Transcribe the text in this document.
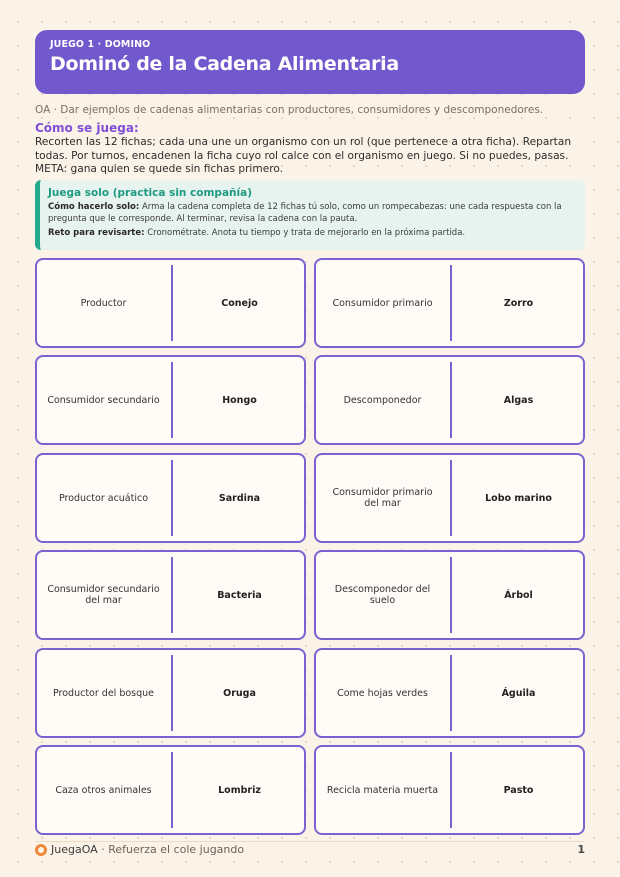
JUEGO 1 · DOMINO
Dominó de la Cadena Alimentaria
OA · Dar ejemplos de cadenas alimentarias con productores, consumidores y descomponedores.
Cómo se juega:
Recorten las 12 fichas; cada una une un organismo con un rol (que pertenece a otra ficha). Repartan todas. Por turnos, encadenen la ficha cuyo rol calce con el organismo en juego. Si no puedes, pasas. META: gana quien se quede sin fichas primero.
Juega solo (practica sin compañía)
Cómo hacerlo solo: Arma la cadena completa de 12 fichas tú solo, como un rompecabezas: une cada respuesta con la pregunta que le corresponde. Al terminar, revisa la cadena con la pauta.
Reto para revisarte: Cronométrate. Anota tu tiempo y trata de mejorarlo en la próxima partida.
Productor	Conejo	Consumidor primario	Zorro
Consumidor secundario	Hongo	Descomponedor	Algas
Productor acuático	Sardina	Consumidor primario del mar	Lobo marino
Consumidor secundario del mar	Bacteria	Descomponedor del suelo	Árbol
Productor del bosque	Oruga	Come hojas verdes	Águila
Caza otros animales	Lombriz	Recicla materia muerta	Pasto
JuegaOA · Refuerza el cole jugando	1
